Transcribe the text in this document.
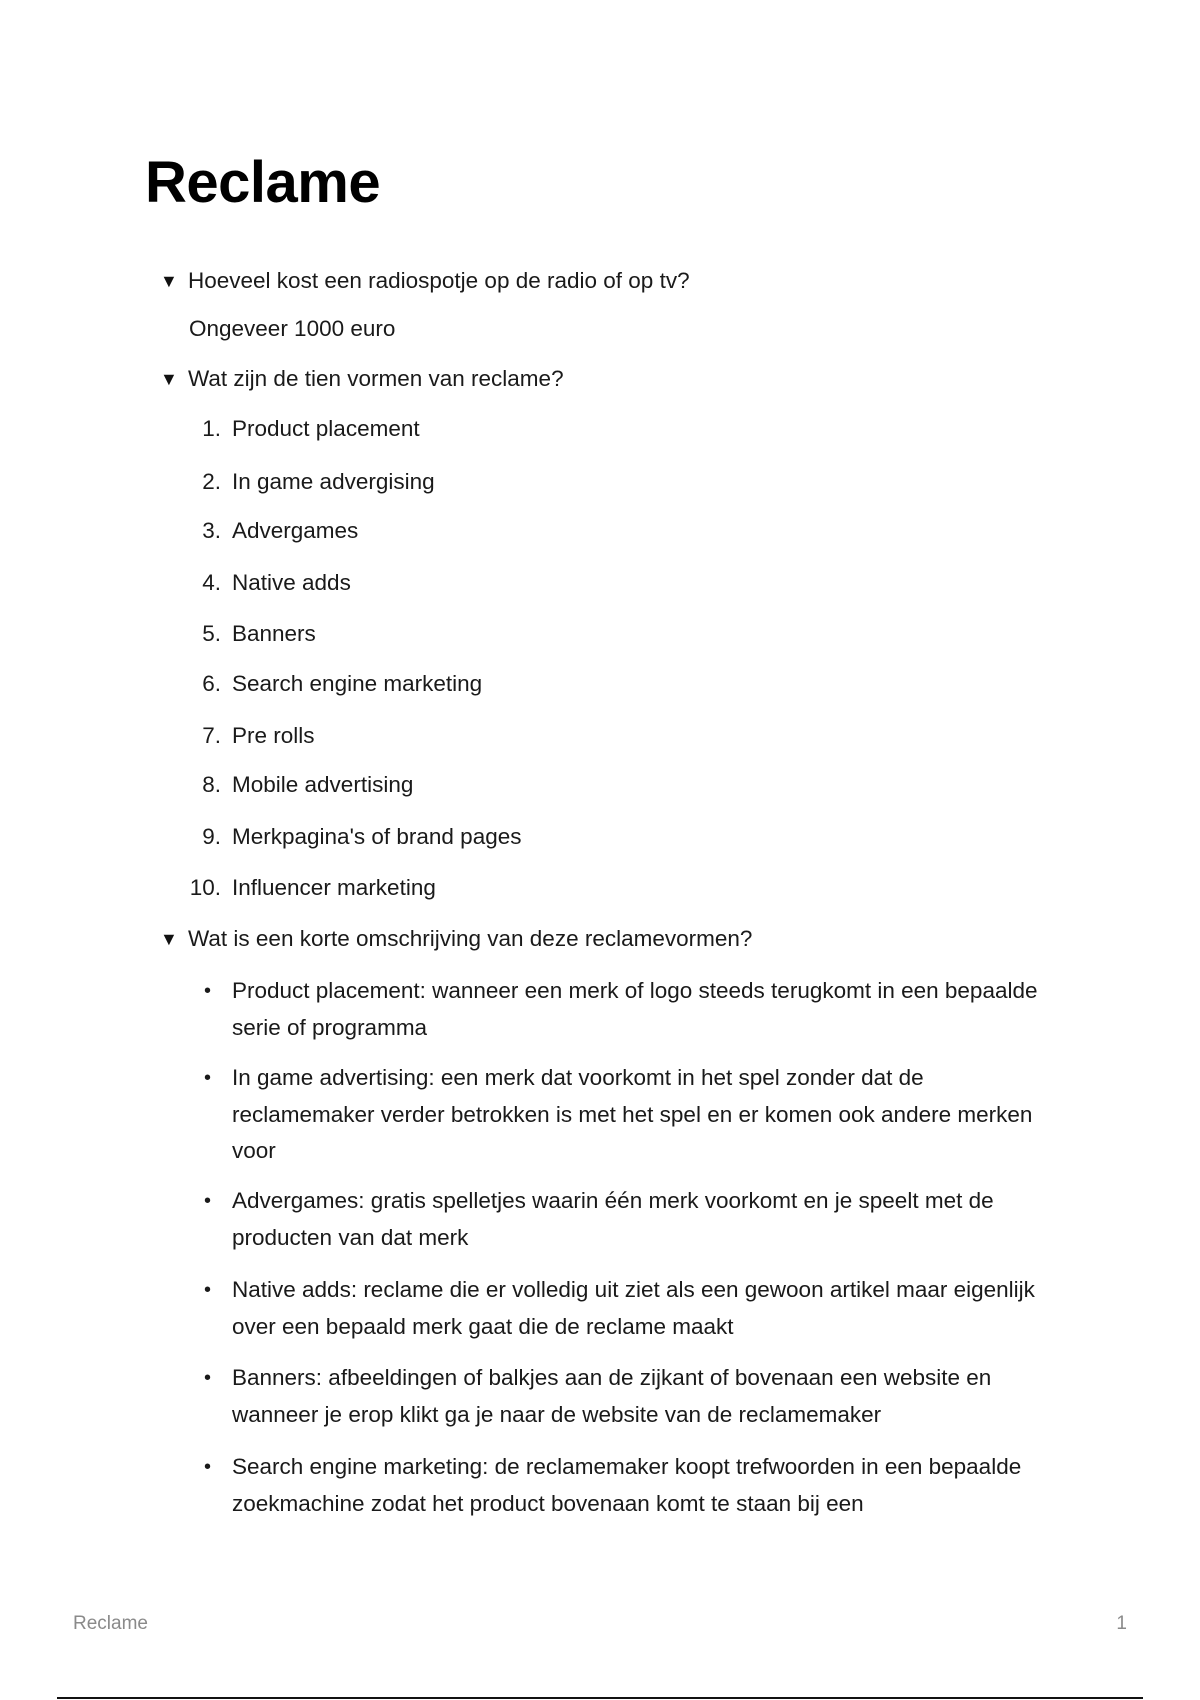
Reclame
▼ Hoeveel kost een radiospotje op de radio of op tv?
Ongeveer 1000 euro
▼ Wat zijn de tien vormen van reclame?
1. Product placement
2. In game advergising
3. Advergames
4. Native adds
5. Banners
6. Search engine marketing
7. Pre rolls
8. Mobile advertising
9. Merkpagina's of brand pages
10. Influencer marketing
▼ Wat is een korte omschrijving van deze reclamevormen?
• Product placement: wanneer een merk of logo steeds terugkomt in een bepaalde serie of programma
• In game advertising: een merk dat voorkomt in het spel zonder dat de reclamemaker verder betrokken is met het spel en er komen ook andere merken voor
• Advergames: gratis spelletjes waarin één merk voorkomt en je speelt met de producten van dat merk
• Native adds: reclame die er volledig uit ziet als een gewoon artikel maar eigenlijk over een bepaald merk gaat die de reclame maakt
• Banners: afbeeldingen of balkjes aan de zijkant of bovenaan een website en wanneer je erop klikt ga je naar de website van de reclamemaker
• Search engine marketing: de reclamemaker koopt trefwoorden in een bepaalde zoekmachine zodat het product bovenaan komt te staan bij een
Reclame	1
